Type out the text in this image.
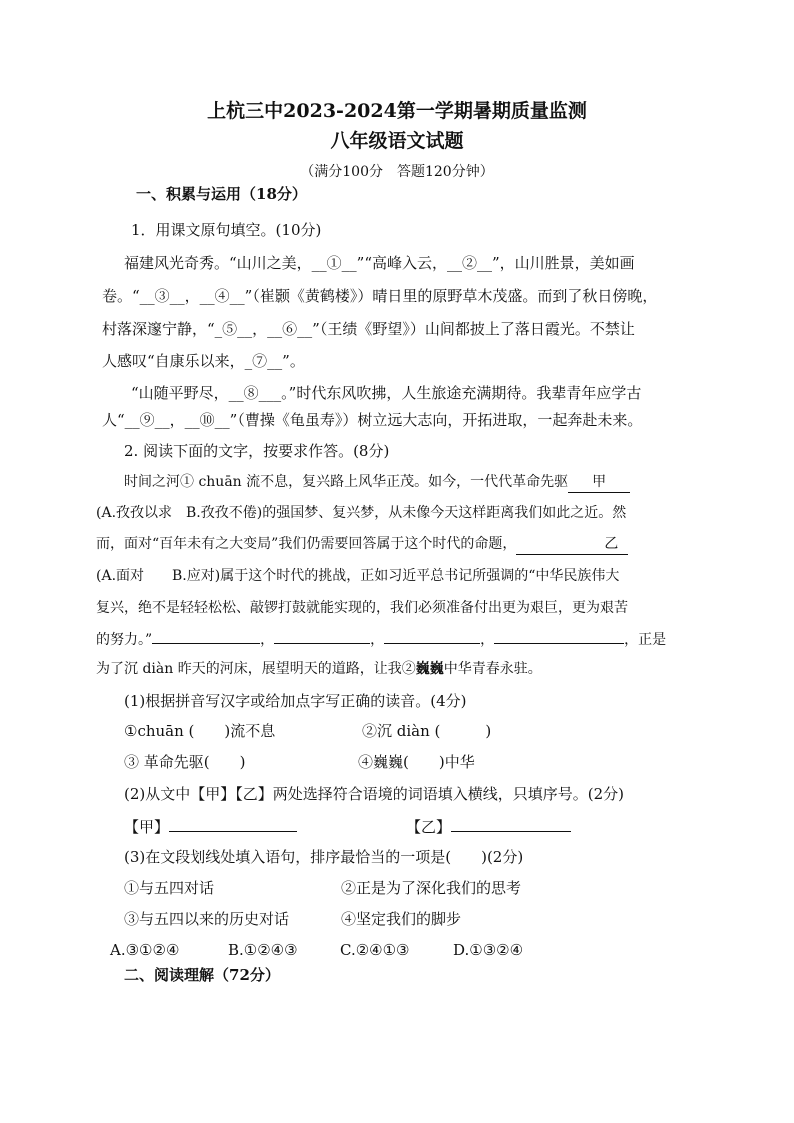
上杭三中2023-2024第一学期暑期质量监测
八年级语文试题
（满分100分　答题120分钟）
一、积累与运用（18分）
1．用课文原句填空。(10分)
福建风光奇秀。“山川之美，__①__”“高峰入云，__②__”，山川胜景，美如画
卷。“__③__，__④__”（崔颢《黄鹤楼》）晴日里的原野草木茂盛。而到了秋日傍晚，
村落深邃宁静，“_⑤__，__⑥__”（王绩《野望》）山间都披上了落日霞光。不禁让
人感叹“自康乐以来，_⑦__”。
“山随平野尽，__⑧___。”时代东风吹拂，人生旅途充满期待。我辈青年应学古
人“__⑨__，__⑩__”（曹操《龟虽寿》）树立远大志向，开拓进取，一起奔赴未来。
2. 阅读下面的文字，按要求作答。(8分)
时间之河① chuān 流不息，复兴路上风华正茂。如今，一代代革命先驱 甲
(A.孜孜以求　B.孜孜不倦)的强国梦、复兴梦，从未像今天这样距离我们如此之近。然
而，面对“百年未有之大变局”我们仍需要回答属于这个时代的命题，	乙
(A.面对　　B.应对)属于这个时代的挑战，正如习近平总书记所强调的“中华民族伟大
复兴，绝不是轻轻松松、敲锣打鼓就能实现的，我们必须准备付出更为艰巨，更为艰苦
的努力。”	，	，	，	，正是
为了沉 diàn 昨天的河床，展望明天的道路，让我②巍巍中华青春永驻。
(1)根据拼音写汉字或给加点字写正确的读音。(4分)
①chuān (　　)流不息	②沉 diàn (　　　)
③ 革命先驱(　　)	④巍巍(　　)中华
(2)从文中【甲】【乙】两处选择符合语境的词语填入横线，只填序号。(2分)
【甲】	【乙】
(3)在文段划线处填入语句，排序最恰当的一项是(　　)(2分)
①与五四对话	②正是为了深化我们的思考
③与五四以来的历史对话	④坚定我们的脚步
A.③①②④	B.①②④③	C.②④①③	D.①③②④
二、阅读理解（72分）
